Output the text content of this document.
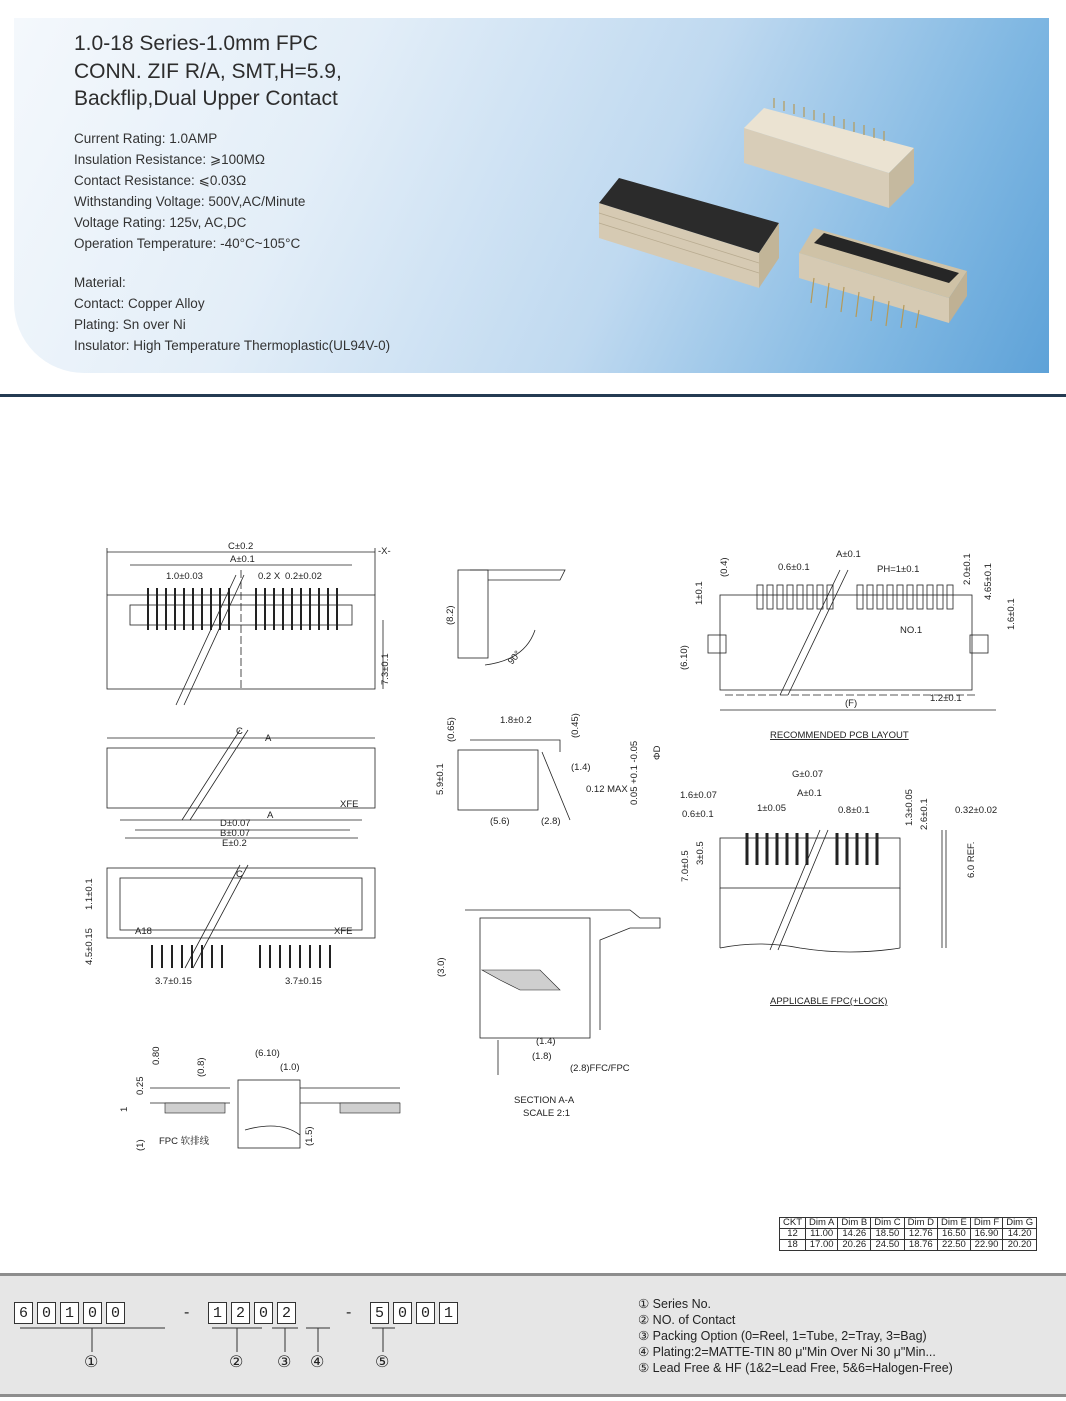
1.0-18 Series-1.0mm FPC
CONN. ZIF R/A, SMT,H=5.9,
Backflip,Dual Upper Contact
Current Rating: 1.0AMP
Insulation Resistance: ⩾100MΩ
Contact Resistance: ⩽0.03Ω
Withstanding Voltage: 500V,AC/Minute
Voltage Rating: 125v, AC,DC
Operation Temperature: -40°C~105°C
Material:
Contact: Copper Alloy
Plating: Sn over Ni
Insulator: High Temperature Thermoplastic(UL94V-0)
C±0.2
A±0.1
1.0±0.03	0.2 X 0.2±0.02
-X-
7.3±0.1
(8.2)
90°
(0.65)	1.8±0.2	(0.45)
5.9±0.1	(1.4)
0.12 MAX 0.05 +0.1 -0.05 ΦD
(5.6)	(2.8)
A
A
C
D±0.07
B±0.07
E±0.2
C
XFE
XFE
A18
1.1±0.1
4.5±0.15
3.7±0.15	3.7±0.15
A±0.1
(0.4)	0.6±0.1	PH=1±0.1	2.0±0.1 4.65±0.1
1±0.1
NO.1
1.6±0.1
(6.10)
(F)	1.2±0.1
RECOMMENDED PCB LAYOUT
G±0.07
A±0.1
1.6±0.07
1±0.05
0.6±0.1	0.8±0.1	1.3±0.05 2.6±0.1	0.32±0.02
7.0±0.5 3±0.5	6.0 REF.
APPLICABLE FPC(+LOCK)
(3.0)
(1.4)
(1.8)
(2.8)FFC/FPC
SECTION A-A
SCALE 2:1
(6.10)
(1.0)
0.80
(0.8)
0.25
1
(1)	(1.5)
FPC 软排线
CKT	Dim A	Dim B	Dim C	Dim D	Dim E	Dim F	Dim G
12	11.00	14.26	18.50	12.76	16.50	16.90	14.20
18	17.00	20.26	24.50	18.76	22.50	22.90	20.20
6 0 1 0 0	-	1 2 0 2	-	5 0 0 1
①	② ③ ④	⑤
① Series No.
② NO. of Contact
③ Packing Option (0=Reel, 1=Tube, 2=Tray, 3=Bag)
④ Plating:2=MATTE-TIN 80 μ"Min Over Ni 30 μ"Min...
⑤ Lead Free & HF (1&2=Lead Free, 5&6=Halogen-Free)
